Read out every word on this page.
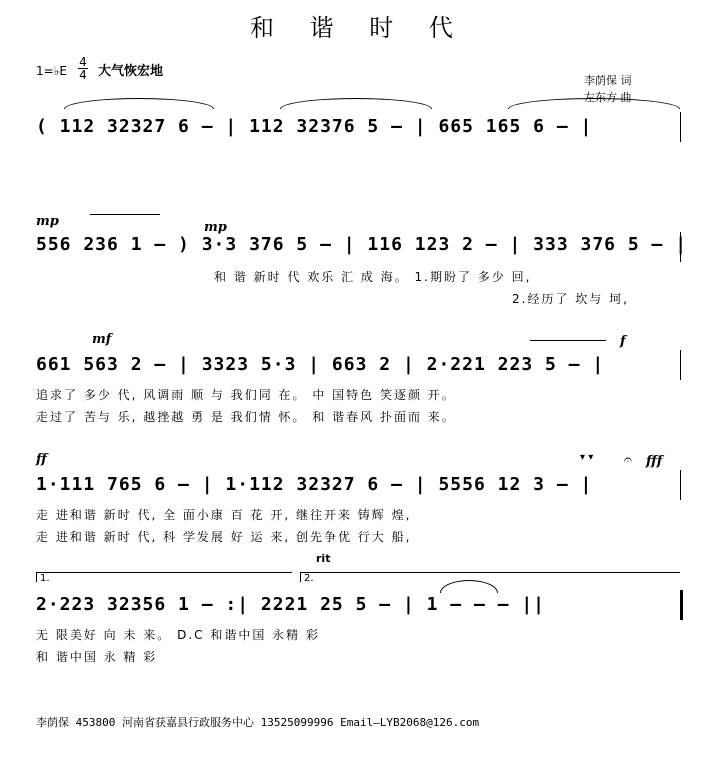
和 谐 时 代
1=♭E
4
4 大气恢宏地
李荫保 词
左东方 曲
( 112 32327 6 – | 112 32376 5 – | 665 165 6 – |
mp	mp
556 236 1 – ) 3·3 376 5 – | 116 123 2 – | 333 376 5 – |
和 谐 新时 代 欢乐 汇 成 海。 1.期盼了 多少 回,
2.经历了 坎与 坷,
mf	f
661 563 2 – | 3323 5·3 | 663 2 | 2·221 223 5 – |
追求了 多少 代, 风调雨 顺 与 我们同 在。 中 国特色 笑逐颜 开。
走过了 苦与 乐, 越挫越 勇 是 我们情 怀。 和 谐春风 扑面而 来。
ff	fff
▾ ▾ 𝄐
1·111 765 6 – | 1·112 32327 6 – | 5556 12 3 – |
走 进和谐 新时 代, 全 面小康 百 花 开, 继往开来 铸辉 煌,
走 进和谐 新时 代, 科 学发展 好 运 来, 创先争优 行大 船,
rit
1.	2.
2·223 32356 1 – :| 2221 25 5 – | 1 – – – ||
无 限美好 向 未 来。 D.C 和谐中国 永精 彩
和 谐中国 永 精 彩
李荫保 453800 河南省获嘉县行政服务中心 13525099996 Email—LYB2068@126.com
